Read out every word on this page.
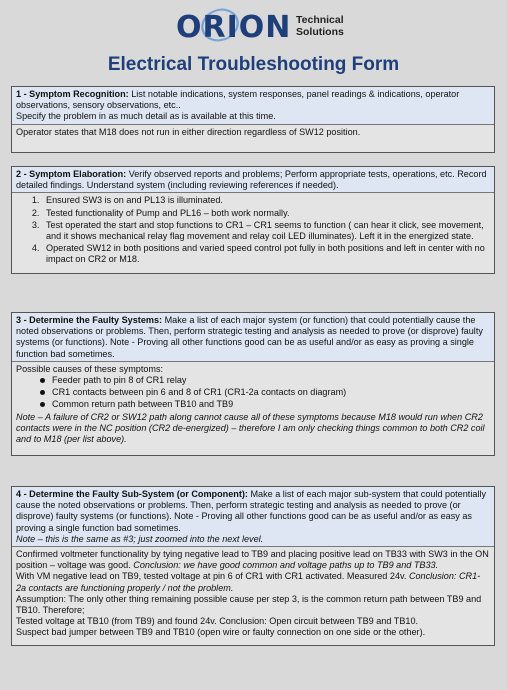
ORION Technical
Solutions
Electrical Troubleshooting Form
1 - Symptom Recognition: List notable indications, system responses, panel readings & indications, operator observations, sensory observations, etc..
Specify the problem in as much detail as is available at this time.
Operator states that M18 does not run in either direction regardless of SW12 position.
2 - Symptom Elaboration: Verify observed reports and problems; Perform appropriate tests, operations, etc. Record detailed findings. Understand system (including reviewing references if needed).
1. Ensured SW3 is on and PL13 is illuminated.
2. Tested functionality of Pump and PL16 – both work normally.
3. Test operated the start and stop functions to CR1 – CR1 seems to function ( can hear it click, see movement, and it shows mechanical relay flag movement and relay coil LED illuminates). Left it in the energized state.
4. Operated SW12 in both positions and varied speed control pot fully in both positions and left in center with no impact on CR2 or M18.
3 - Determine the Faulty Systems: Make a list of each major system (or function) that could potentially cause the noted observations or problems. Then, perform strategic testing and analysis as needed to prove (or disprove) faulty systems (or functions). Note - Proving all other functions good can be as useful and/or as easy as proving a single function bad sometimes.
Possible causes of these symptoms:
Feeder path to pin 8 of CR1 relay
CR1 contacts between pin 6 and 8 of CR1 (CR1-2a contacts on diagram)
Common return path between TB10 and TB9
Note – A failure of CR2 or SW12 path along cannot cause all of these symptoms because M18 would run when CR2 contacts were in the NC position (CR2 de-energized) – therefore I am only checking things common to both CR2 coil and to M18 (per list above).
4 - Determine the Faulty Sub-System (or Component): Make a list of each major sub-system that could potentially cause the noted observations or problems. Then, perform strategic testing and analysis as needed to prove (or disprove) faulty systems (or functions). Note - Proving all other functions good can be as useful and/or as easy as proving a single function bad sometimes.
Note – this is the same as #3; just zoomed into the next level.
Confirmed voltmeter functionality by tying negative lead to TB9 and placing positive lead on TB33 with SW3 in the ON position – voltage was good. Conclusion: we have good common and voltage paths up to TB9 and TB33.
With VM negative lead on TB9, tested voltage at pin 6 of CR1 with CR1 activated. Measured 24v. Conclusion: CR1-2a contacts are functioning properly / not the problem.
Assumption: The only other thing remaining possible cause per step 3, is the common return path between TB9 and TB10. Therefore;
Tested voltage at TB10 (from TB9) and found 24v. Conclusion: Open circuit between TB9 and TB10.
Suspect bad jumper between TB9 and TB10 (open wire or faulty connection on one side or the other).
